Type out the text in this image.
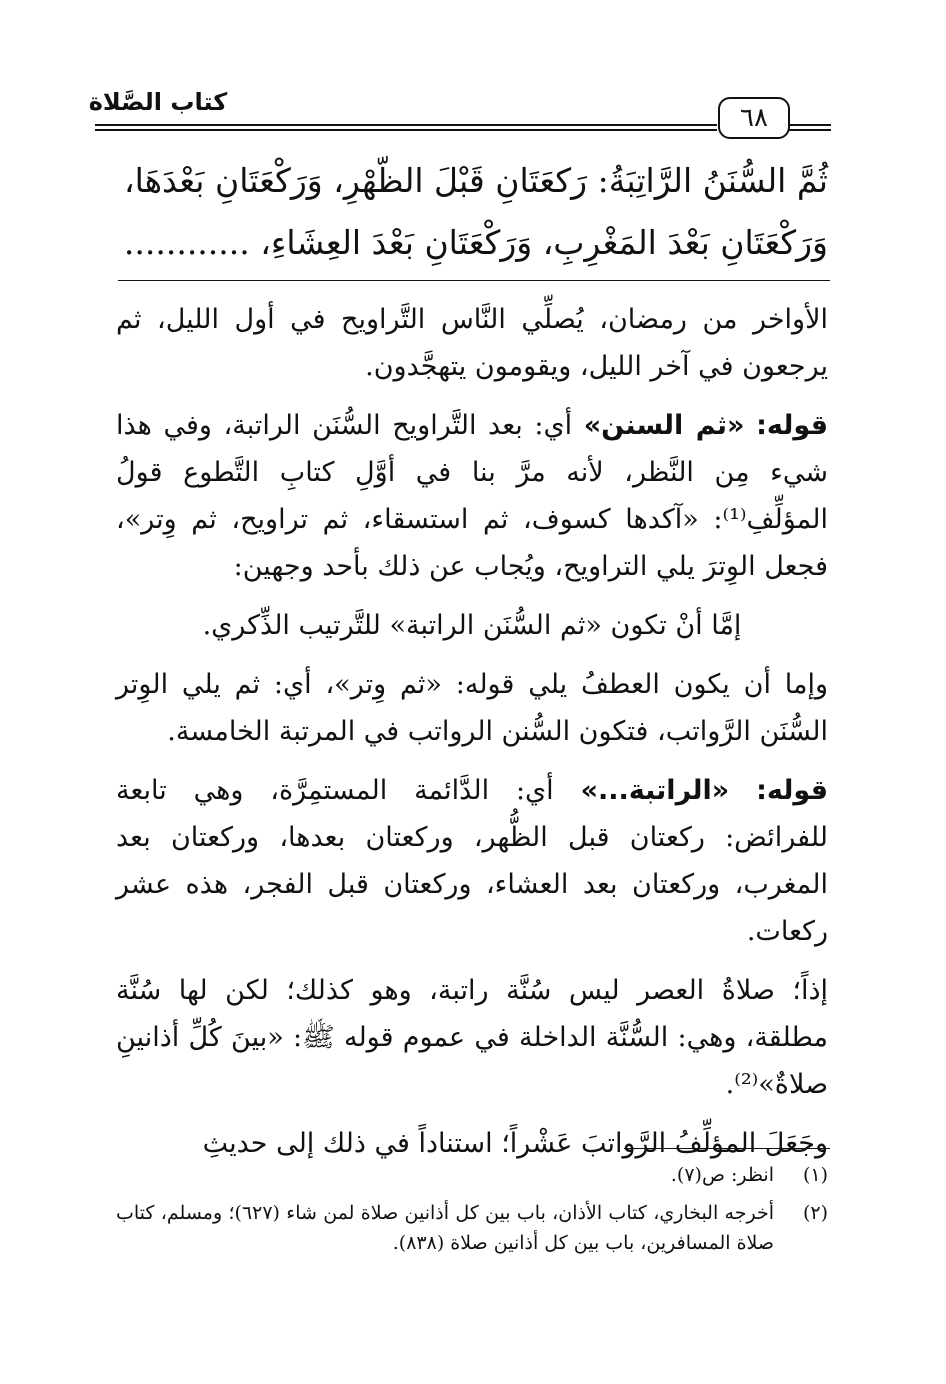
كتاب الصَّلاة
٦٨
ثُمَّ السُّنَنُ الرَّاتِبَةُ: رَكعَتَانِ قَبْلَ الظّهْرِ، وَرَكْعَتَانِ بَعْدَهَا،
وَرَكْعَتَانِ بَعْدَ المَغْرِبِ، وَرَكْعَتَانِ بَعْدَ العِشَاءِ، ............

الأواخر من رمضان، يُصلِّي النَّاس التَّراويح في أول الليل، ثم يرجعون في آخر الليل، ويقومون يتهجَّدون.

قوله: «ثم السنن» أي: بعد التَّراويح السُّنَن الراتبة، وفي هذا شيء مِن النَّظر، لأنه مرَّ بنا في أوَّلِ كتابِ التَّطوع قولُ المؤلِّفِ⁽¹⁾: «آكدها كسوف، ثم استسقاء، ثم تراويح، ثم وِتر»، فجعل الوِترَ يلي التراويح، ويُجاب عن ذلك بأحد وجهين:

إمَّا أنْ تكون «ثم السُّنَن الراتبة» للتَّرتيب الذِّكري.

وإما أن يكون العطفُ يلي قوله: «ثم وِتر»، أي: ثم يلي الوِتر السُّنَن الرَّواتب، فتكون السُّنن الرواتب في المرتبة الخامسة.

قوله: «الراتبة...» أي: الدَّائمة المستمِرَّة، وهي تابعة للفرائض: ركعتان قبل الظُّهر، وركعتان بعدها، وركعتان بعد المغرب، وركعتان بعد العشاء، وركعتان قبل الفجر، هذه عشر ركعات.

إذاً؛ صلاةُ العصر ليس سُنَّة راتبة، وهو كذلك؛ لكن لها سُنَّة مطلقة، وهي: السُّنَّة الداخلة في عموم قوله ﷺ: «بينَ كُلِّ أذانينِ صلاةٌ»⁽²⁾.

وجَعَلَ المؤلِّفُ الرَّواتبَ عَشْراً؛ استناداً في ذلك إلى حديثِ

(١)
انظر: ص(٧).
(٢)
أخرجه البخاري، كتاب الأذان، باب بين كل أذانين صلاة لمن شاء (٦٢٧)؛ ومسلم، كتاب صلاة المسافرين، باب بين كل أذانين صلاة (٨٣٨).
